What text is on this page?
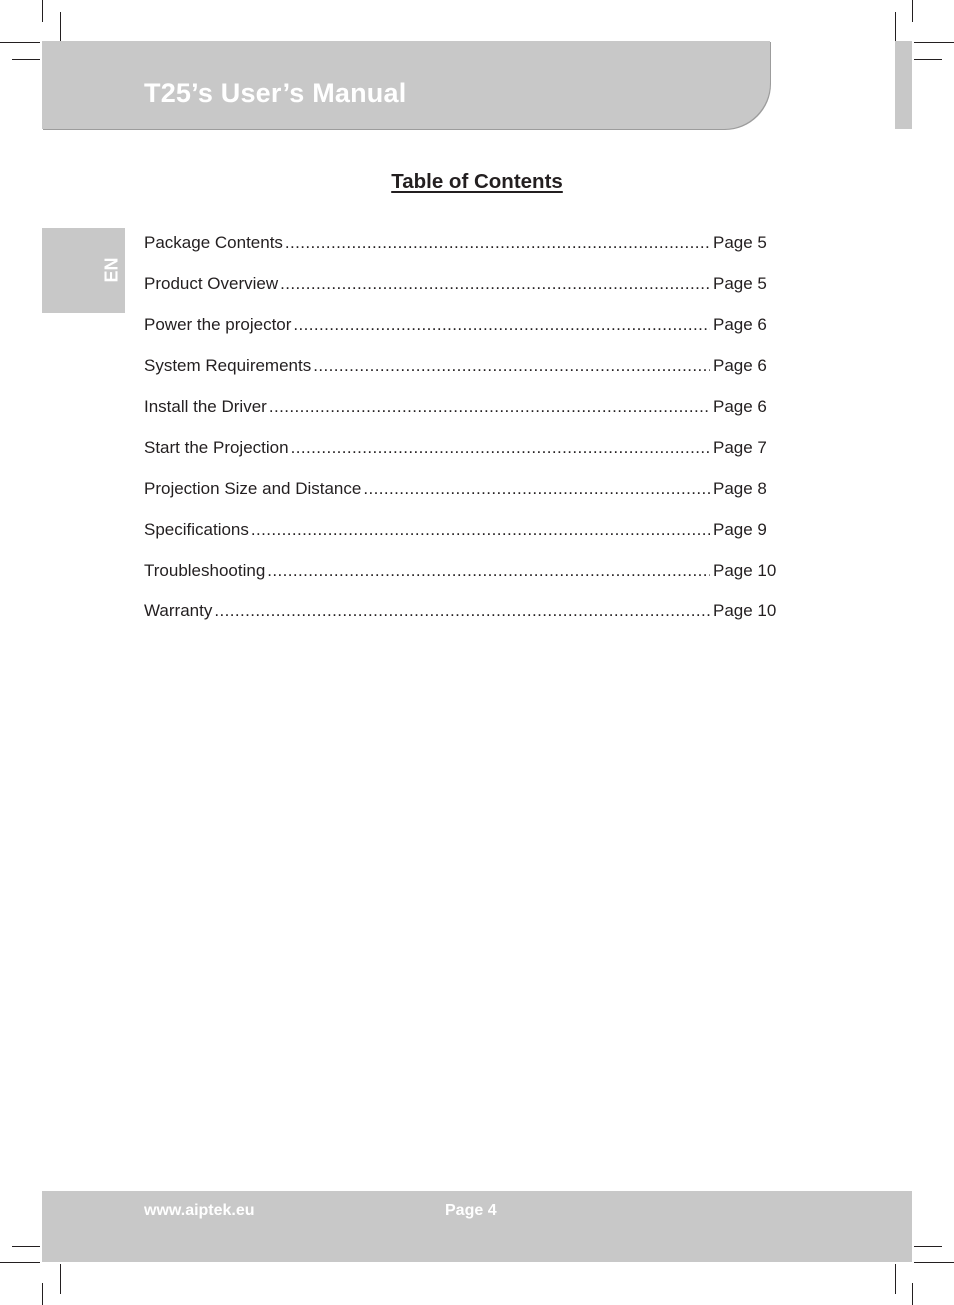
T25’s User’s Manual
EN
Table of Contents
Package Contents .....	Page 5
Product Overview .....	Page 5
Power the projector .....	Page 6
System Requirements .....	Page 6
Install the Driver .....	Page 6
Start the Projection .....	Page 7
Projection Size and Distance .....	Page 8
Specifications .....	Page 9
Troubleshooting .....	Page 10
Warranty .....	Page 10
www.aiptek.eu	Page 4
